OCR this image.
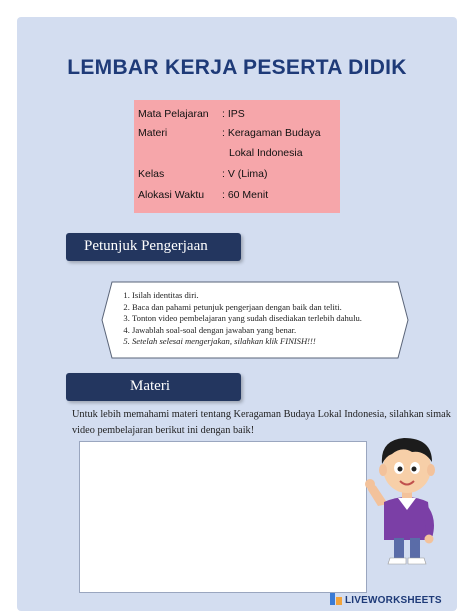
LEMBAR KERJA PESERTA DIDIK
Mata Pelajaran : IPS
Materi	: Keragaman Budaya
Lokal Indonesia
Kelas	: V (Lima)
Alokasi Waktu : 60 Menit
Petunjuk Pengerjaan
1. Isilah identitas diri.
2. Baca dan pahami petunjuk pengerjaan dengan baik dan teliti.
3. Tonton video pembelajaran yang sudah disediakan terlebih dahulu.
4. Jawablah soal-soal dengan jawaban yang benar.
5. Setelah selesai mengerjakan, silahkan klik FINISH!!!
Materi
Untuk lebih memahami materi tentang Keragaman Budaya Lokal Indonesia, silahkan simak video pembelajaran berikut ini dengan baik!
LIVEWORKSHEETS
